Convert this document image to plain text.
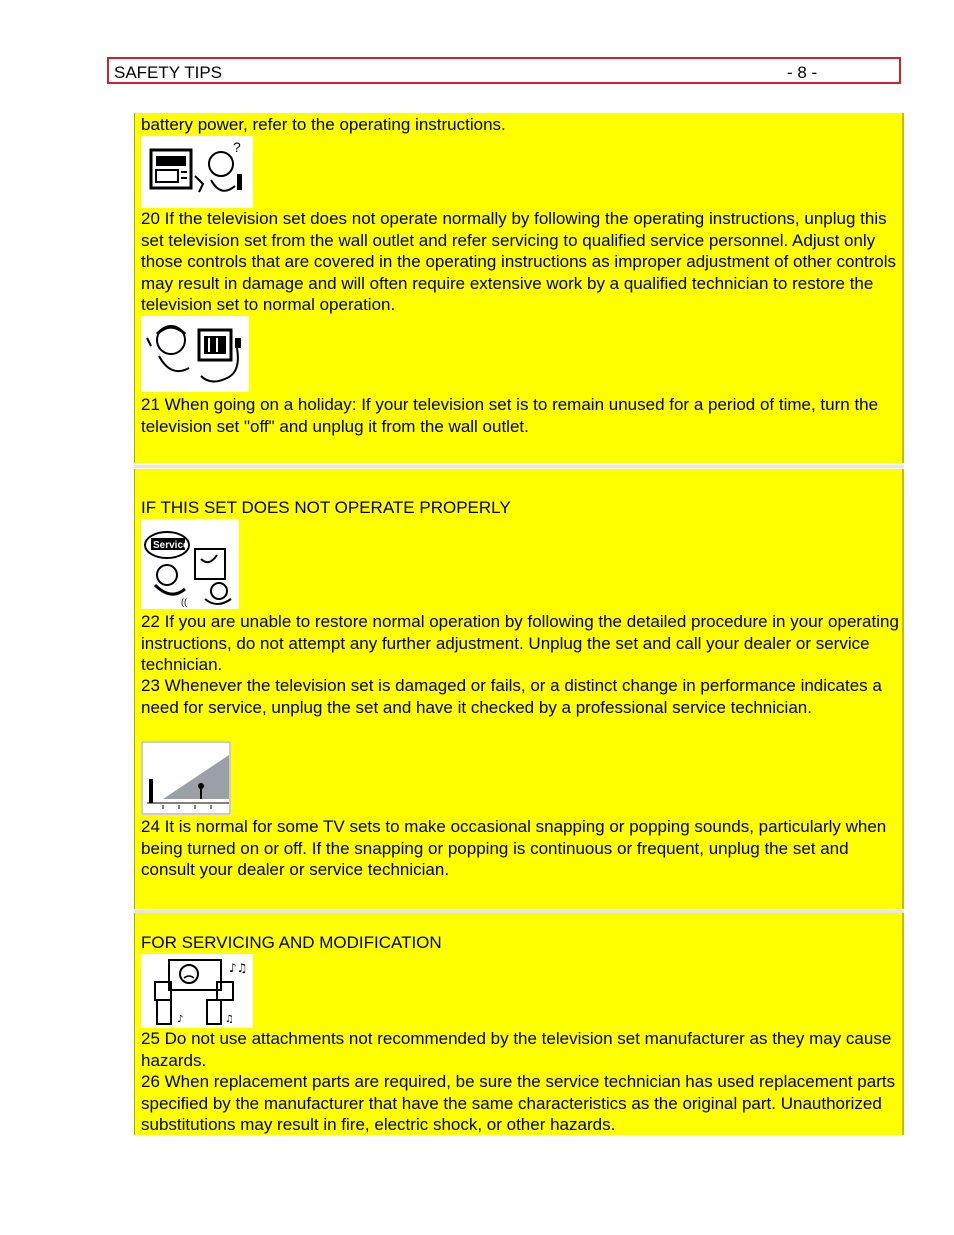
SAFETY TIPS	- 8 -
battery power, refer to the operating instructions.
?
20 If the television set does not operate normally by following the operating instructions, unplug this set television set from the wall outlet and refer servicing to qualified service personnel. Adjust only those controls that are covered in the operating instructions as improper adjustment of other controls may result in damage and will often require extensive work by a qualified technician to restore the television set to normal operation.
21 When going on a holiday: If your television set is to remain unused for a period of time, turn the television set "off" and unplug it from the wall outlet.
IF THIS SET DOES NOT OPERATE PROPERLY
Service
((
22 If you are unable to restore normal operation by following the detailed procedure in your operating instructions, do not attempt any further adjustment. Unplug the set and call your dealer or service technician.
23 Whenever the television set is damaged or fails, or a distinct change in performance indicates a need for service, unplug the set and have it checked by a professional service technician.
24 It is normal for some TV sets to make occasional snapping or popping sounds, particularly when being turned on or off. If the snapping or popping is continuous or frequent, unplug the set and consult your dealer or service technician.
FOR SERVICING AND MODIFICATION
♪♫
♪	♫
25 Do not use attachments not recommended by the television set manufacturer as they may cause hazards.
26 When replacement parts are required, be sure the service technician has used replacement parts specified by the manufacturer that have the same characteristics as the original part. Unauthorized substitutions may result in fire, electric shock, or other hazards.
